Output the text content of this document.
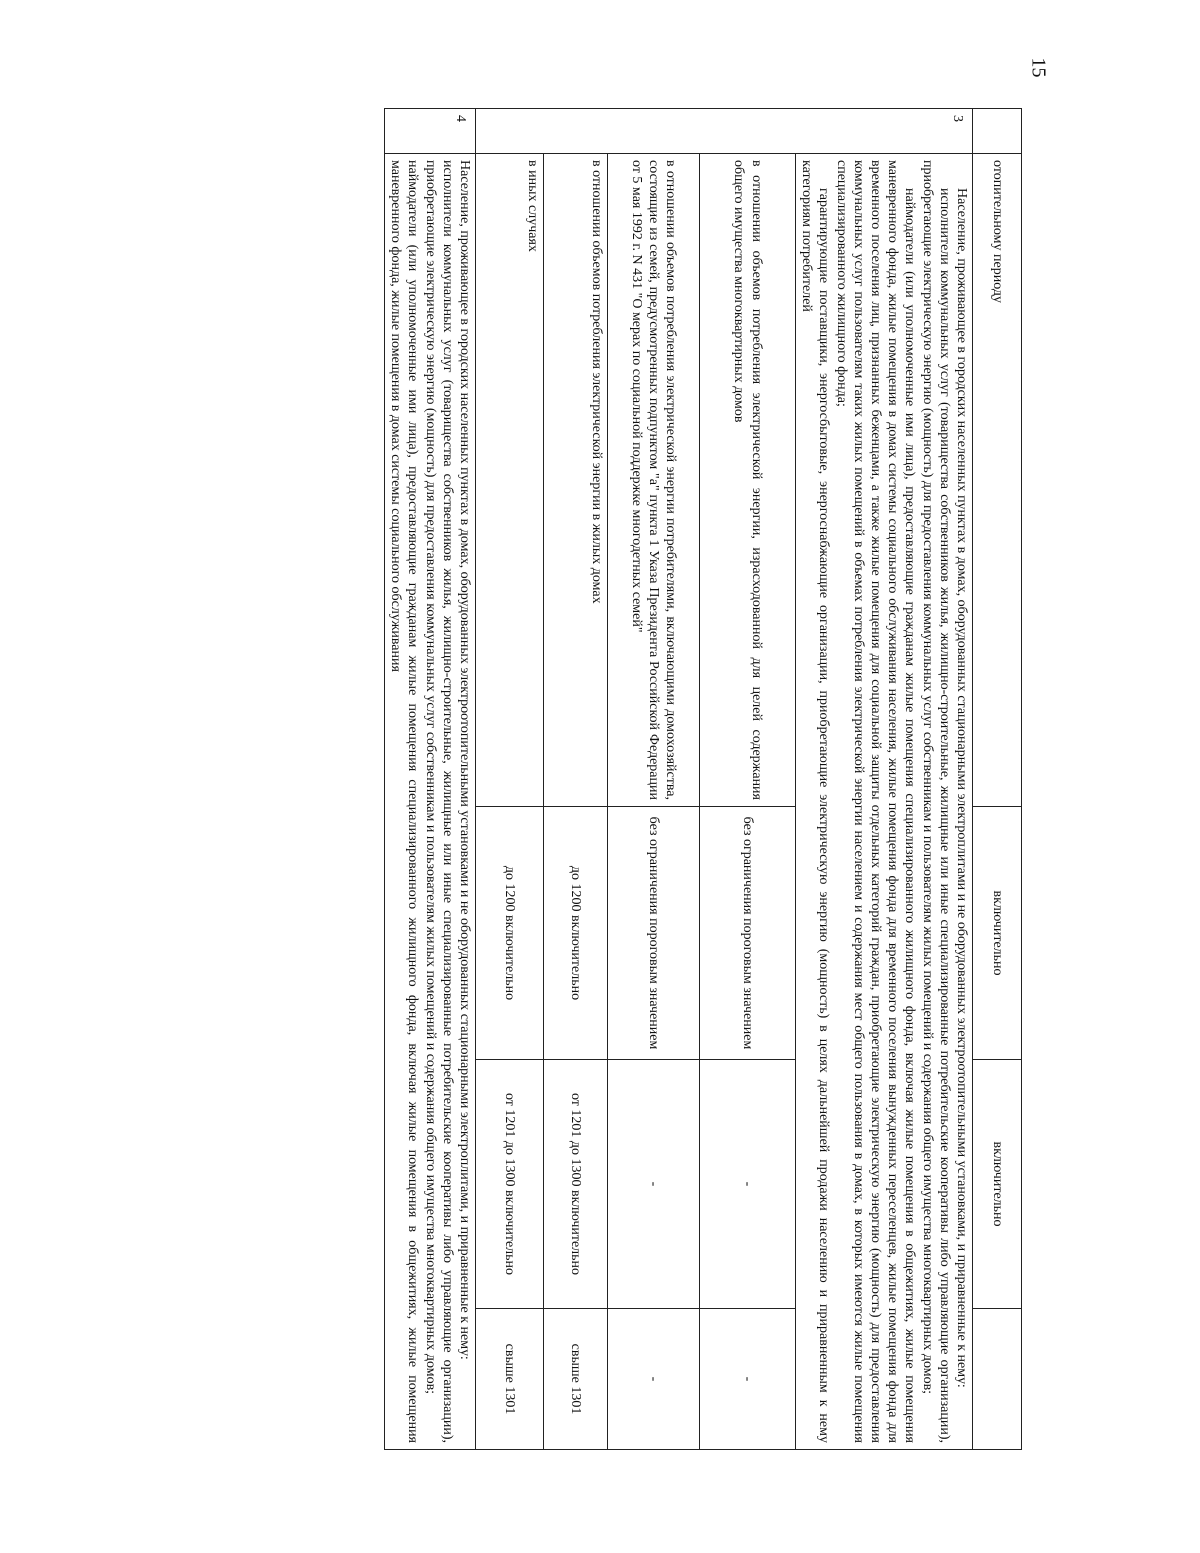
15
	отопительному периоду	включительно	включительно	
3	Население, проживающее в городских населенных пунктах в домах, оборудованных стационарными электроплитами и не оборудованных электроотопительными установками, и приравненные к нему:
исполнители коммунальных услуг (товарищества собственников жилья, жилищно-строительные, жилищные или иные специализированные потребительские кооперативы либо управляющие организации), приобретающие электрическую энергию (мощность) для предоставления коммунальных услуг собственникам и пользователям жилых помещений и содержания общего имущества многоквартирных домов;
наймодатели (или уполномоченные ими лица), предоставляющие гражданам жилые помещения специализированного жилищного фонда, включая жилые помещения в общежитиях, жилые помещения маневренного фонда, жилые помещения в домах системы социального обслуживания населения, жилые помещения фонда для временного поселения вынужденных переселенцев, жилые помещения фонда для временного поселения лиц, признанных беженцами, а также жилые помещения для социальной защиты отдельных категорий граждан, приобретающие электрическую энергию (мощность) для предоставления коммунальных услуг пользователям таких жилых помещений в объемах потребления электрической энергии населением и содержания мест общего пользования в домах, в которых имеются жилые помещения специализированного жилищного фонда;
гарантирующие поставщики, энергосбытовые, энергоснабжающие организации, приобретающие электрическую энергию (мощность) в целях дальнейшей продажи населению и приравненным к нему категориям потребителей			

	в отношении объемов потребления электрической энергии, израсходованной для целей содержания общего имущества многоквартирных домов	без ограничения пороговым значением	-	-
	в отношении объемов потребления электрической энергии потребителями, включающими домохозяйства, состоящие из семей, предусмотренных подпунктом "а" пункта 1 Указа Президента Российской Федерации от 5 мая 1992 г. N 431 "О мерах по социальной поддержке многодетных семей"	без ограничения пороговым значением	-	-
	в отношении объемов потребления электрической энергии в жилых домах	до 1200 включительно	от 1201 до 1300 включительно	свыше 1301
	в иных случаях	до 1200 включительно	от 1201 до 1300 включительно	свыше 1301
4	Население, проживающее в городских населенных пунктах в домах, оборудованных электроотопительными установками и не оборудованных стационарными электроплитами, и приравненные к нему:
исполнители коммунальных услуг (товарищества собственников жилья, жилищно-строительные, жилищные или иные специализированные потребительские кооперативы либо управляющие организации), приобретающие электрическую энергию (мощность) для предоставления коммунальных услуг собственникам и пользователям жилых помещений и содержания общего имущества многоквартирных домов;
наймодатели (или уполномоченные ими лица), предоставляющие гражданам жилые помещения специализированного жилищного фонда, включая жилые помещения в общежитиях, жилые помещения маневренного фонда, жилые помещения в домах системы социального обслуживания			
